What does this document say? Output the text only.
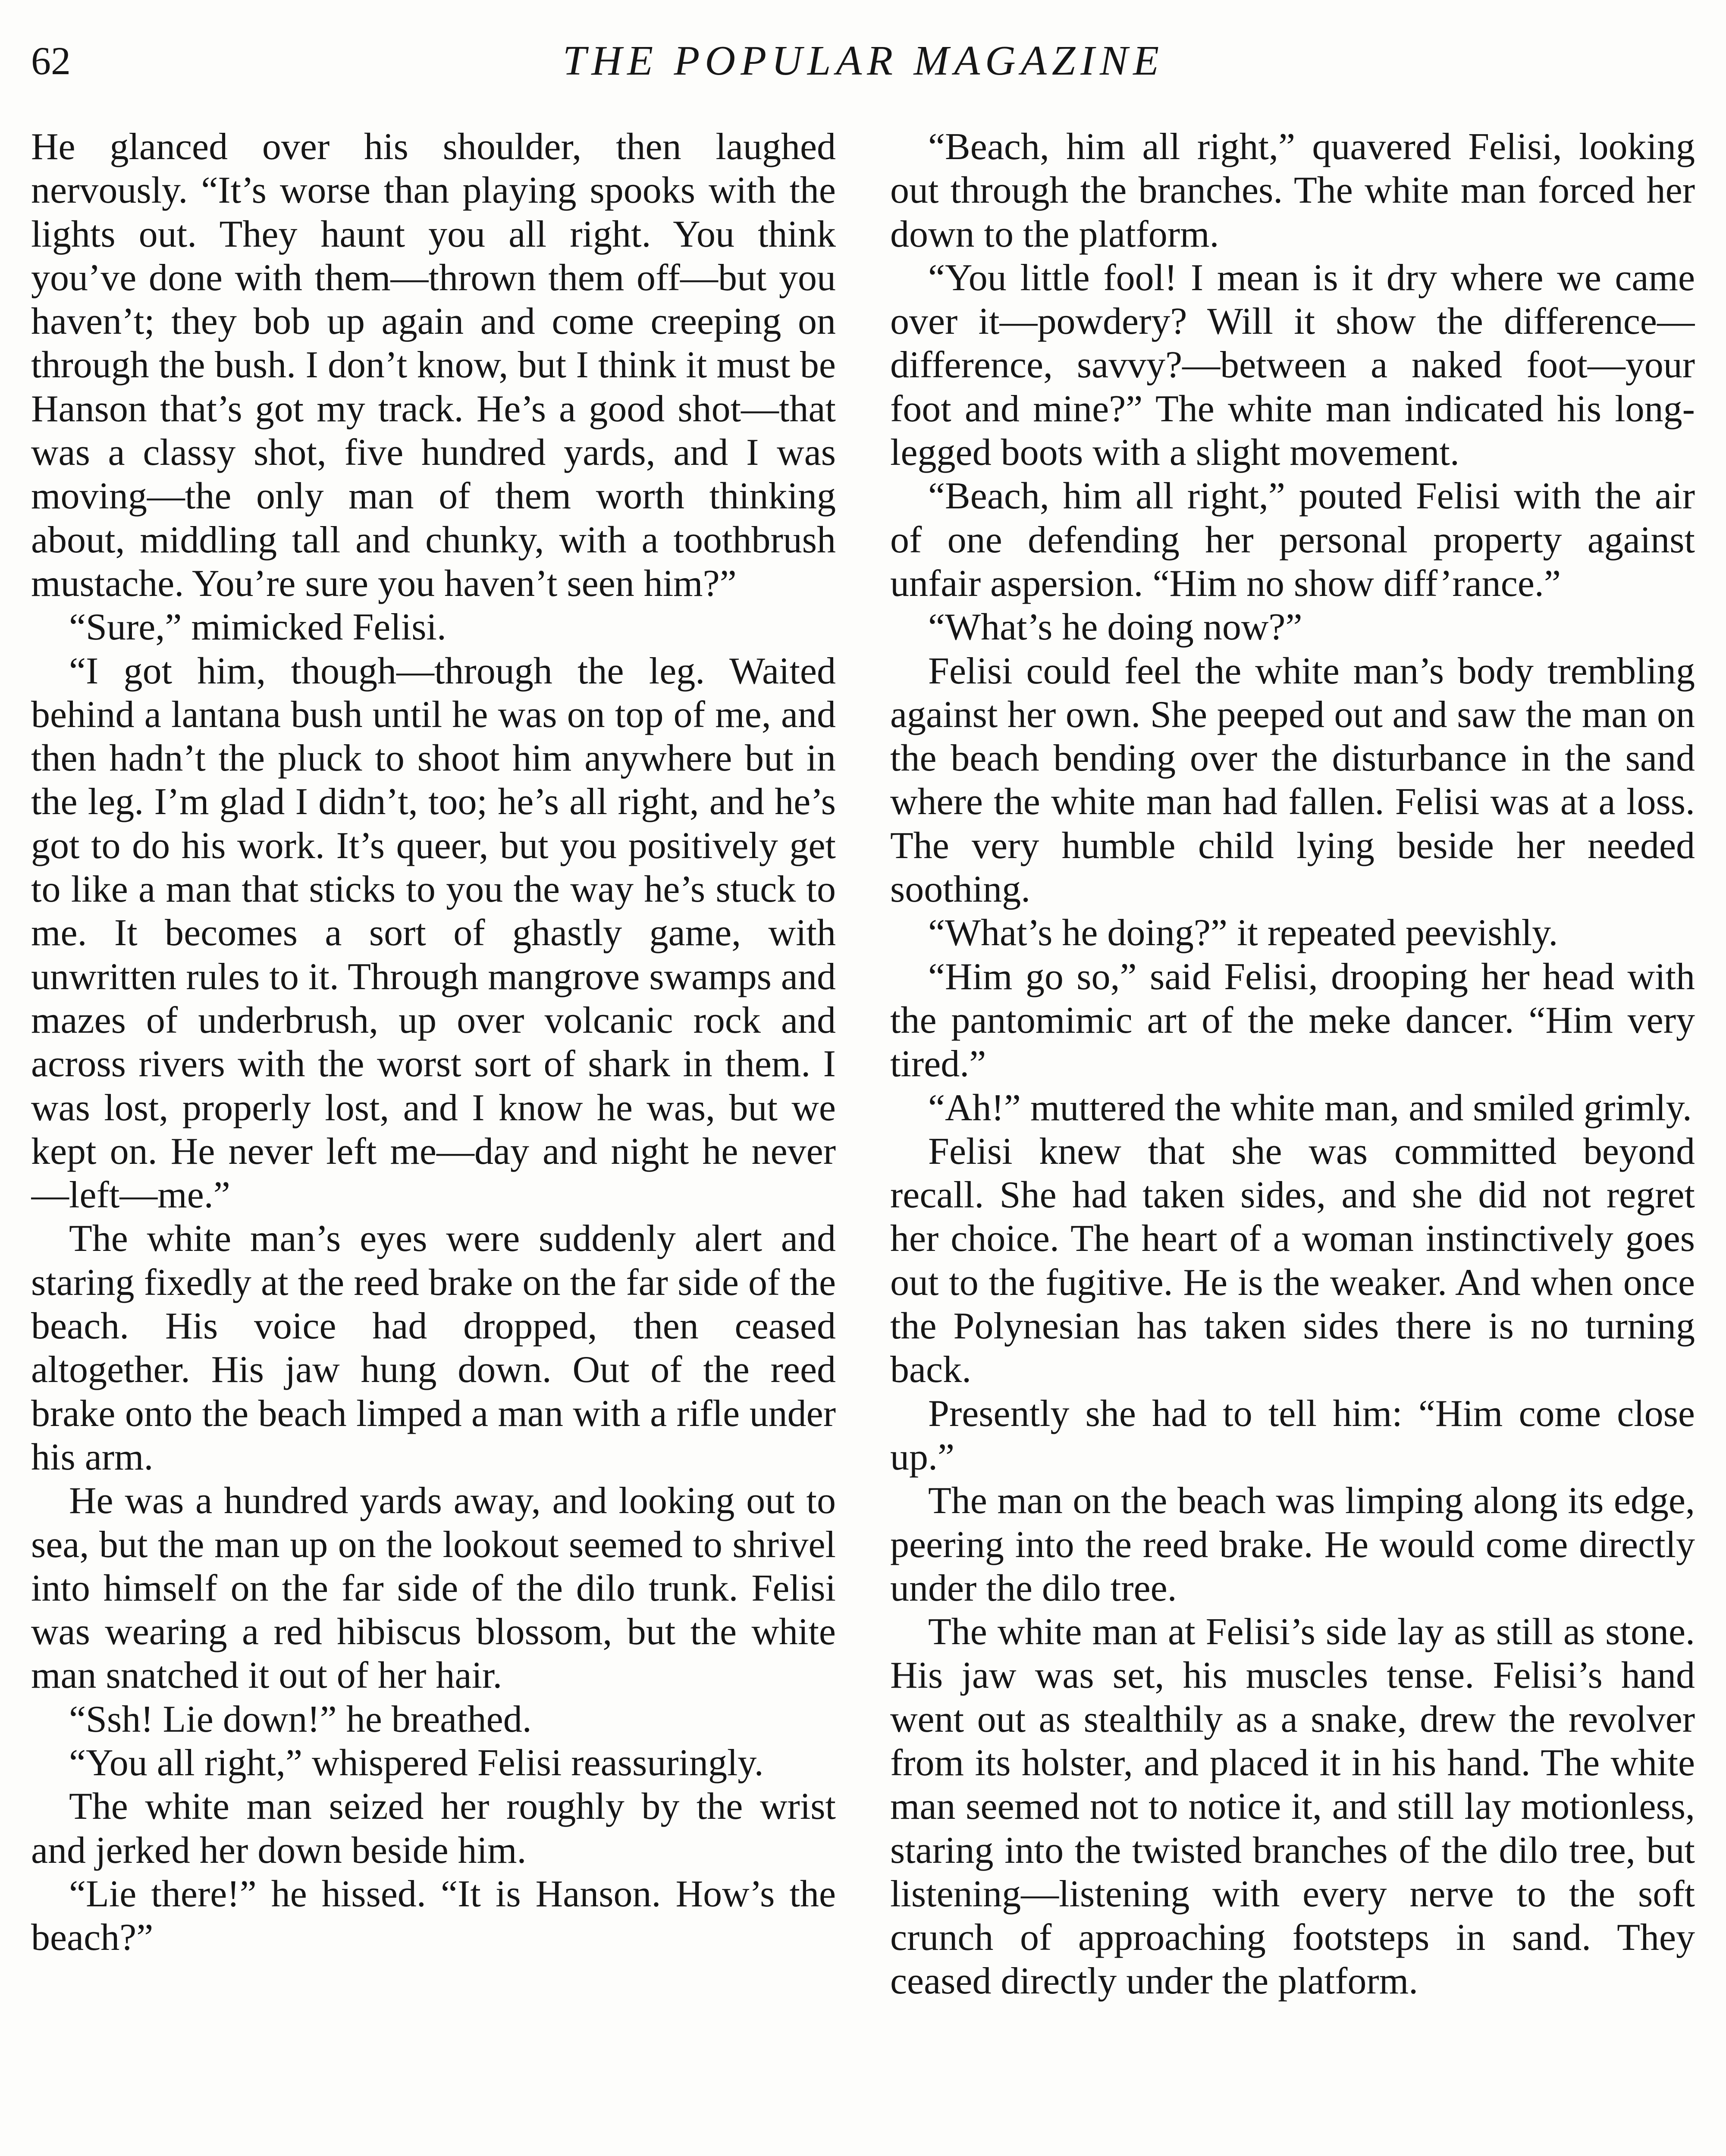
62	THE POPULAR MAGAZINE

He glanced over his shoulder, then laughed nervously. “It’s worse than playing spooks with the lights out. They haunt you all right. You think you’ve done with them—thrown them off—but you haven’t; they bob up again and come creeping on through the bush. I don’t know, but I think it must be Hanson that’s got my track. He’s a good shot—that was a classy shot, five hundred yards, and I was moving—the only man of them worth thinking about, middling tall and chunky, with a toothbrush mustache. You’re sure you haven’t seen him?”

“Sure,” mimicked Felisi.

“I got him, though—through the leg. Waited behind a lantana bush until he was on top of me, and then hadn’t the pluck to shoot him anywhere but in the leg. I’m glad I didn’t, too; he’s all right, and he’s got to do his work. It’s queer, but you positively get to like a man that sticks to you the way he’s stuck to me. It becomes a sort of ghastly game, with unwritten rules to it. Through mangrove swamps and mazes of underbrush, up over volcanic rock and across rivers with the worst sort of shark in them. I was lost, properly lost, and I know he was, but we kept on. He never left me—day and night he never—left—me.”

The white man’s eyes were suddenly alert and staring fixedly at the reed brake on the far side of the beach. His voice had dropped, then ceased altogether. His jaw hung down. Out of the reed brake onto the beach limped a man with a rifle under his arm.

He was a hundred yards away, and looking out to sea, but the man up on the lookout seemed to shrivel into himself on the far side of the dilo trunk. Felisi was wearing a red hibiscus blossom, but the white man snatched it out of her hair.

“Ssh! Lie down!” he breathed.

“You all right,” whispered Felisi reassuringly.

The white man seized her roughly by the wrist and jerked her down beside him.

“Lie there!” he hissed. “It is Hanson. How’s the beach?”

“Beach, him all right,” quavered Felisi, looking out through the branches. The white man forced her down to the platform.

“You little fool! I mean is it dry where we came over it—powdery? Will it show the difference—difference, savvy?—between a naked foot—your foot and mine?” The white man indicated his long-legged boots with a slight movement.

“Beach, him all right,” pouted Felisi with the air of one defending her personal property against unfair aspersion. “Him no show diff’rance.”

“What’s he doing now?”

Felisi could feel the white man’s body trembling against her own. She peeped out and saw the man on the beach bending over the disturbance in the sand where the white man had fallen. Felisi was at a loss. The very humble child lying beside her needed soothing.

“What’s he doing?” it repeated peevishly.

“Him go so,” said Felisi, drooping her head with the pantomimic art of the meke dancer. “Him very tired.”

“Ah!” muttered the white man, and smiled grimly.

Felisi knew that she was committed beyond recall. She had taken sides, and she did not regret her choice. The heart of a woman instinctively goes out to the fugitive. He is the weaker. And when once the Polynesian has taken sides there is no turning back.

Presently she had to tell him: “Him come close up.”

The man on the beach was limping along its edge, peering into the reed brake. He would come directly under the dilo tree.

The white man at Felisi’s side lay as still as stone. His jaw was set, his muscles tense. Felisi’s hand went out as stealthily as a snake, drew the revolver from its holster, and placed it in his hand. The white man seemed not to notice it, and still lay motionless, staring into the twisted branches of the dilo tree, but listening—listening with every nerve to the soft crunch of approaching footsteps in sand. They ceased directly under the platform.
